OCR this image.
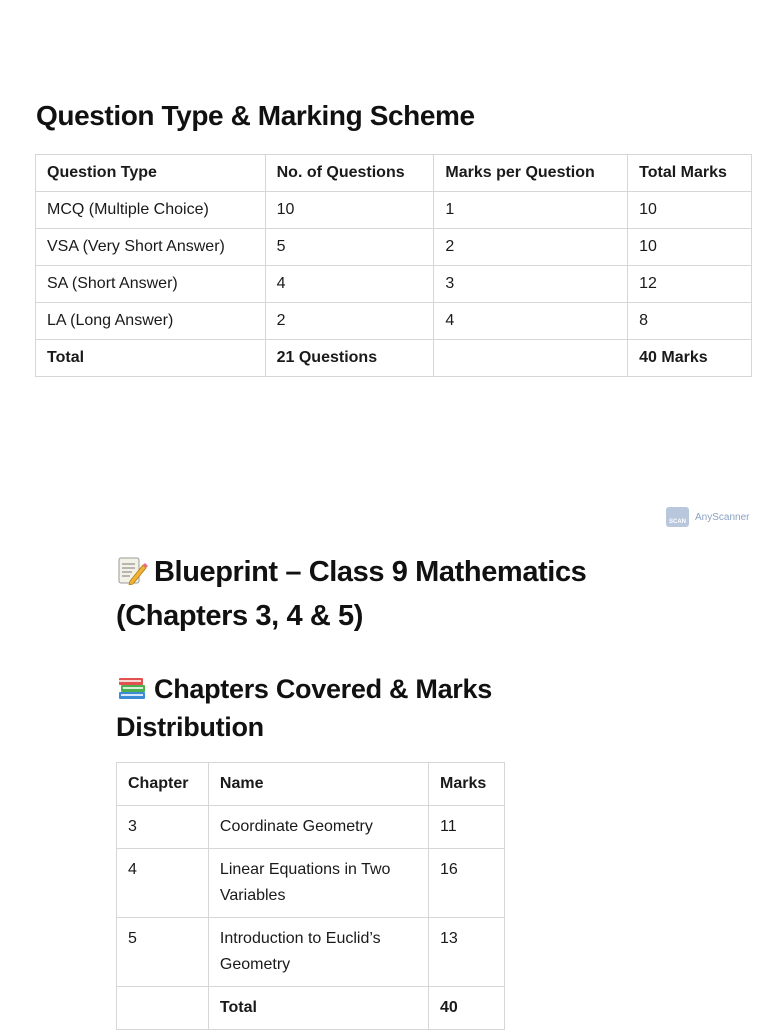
Question Type & Marking Scheme
Question Type	No. of Questions	Marks per Question	Total Marks
MCQ (Multiple Choice)	10	1	10
VSA (Very Short Answer)	5	2	10
SA (Short Answer)	4	3	12
LA (Long Answer)	2	4	8
Total	21 Questions		40 Marks
SCAN AnyScanner
Blueprint – Class 9 Mathematics (Chapters 3, 4 & 5)
Chapters Covered & Marks Distribution
Chapter	Name	Marks
3	Coordinate Geometry	11
4	Linear Equations in Two Variables	16
5	Introduction to Euclid’s Geometry	13
	Total	40
